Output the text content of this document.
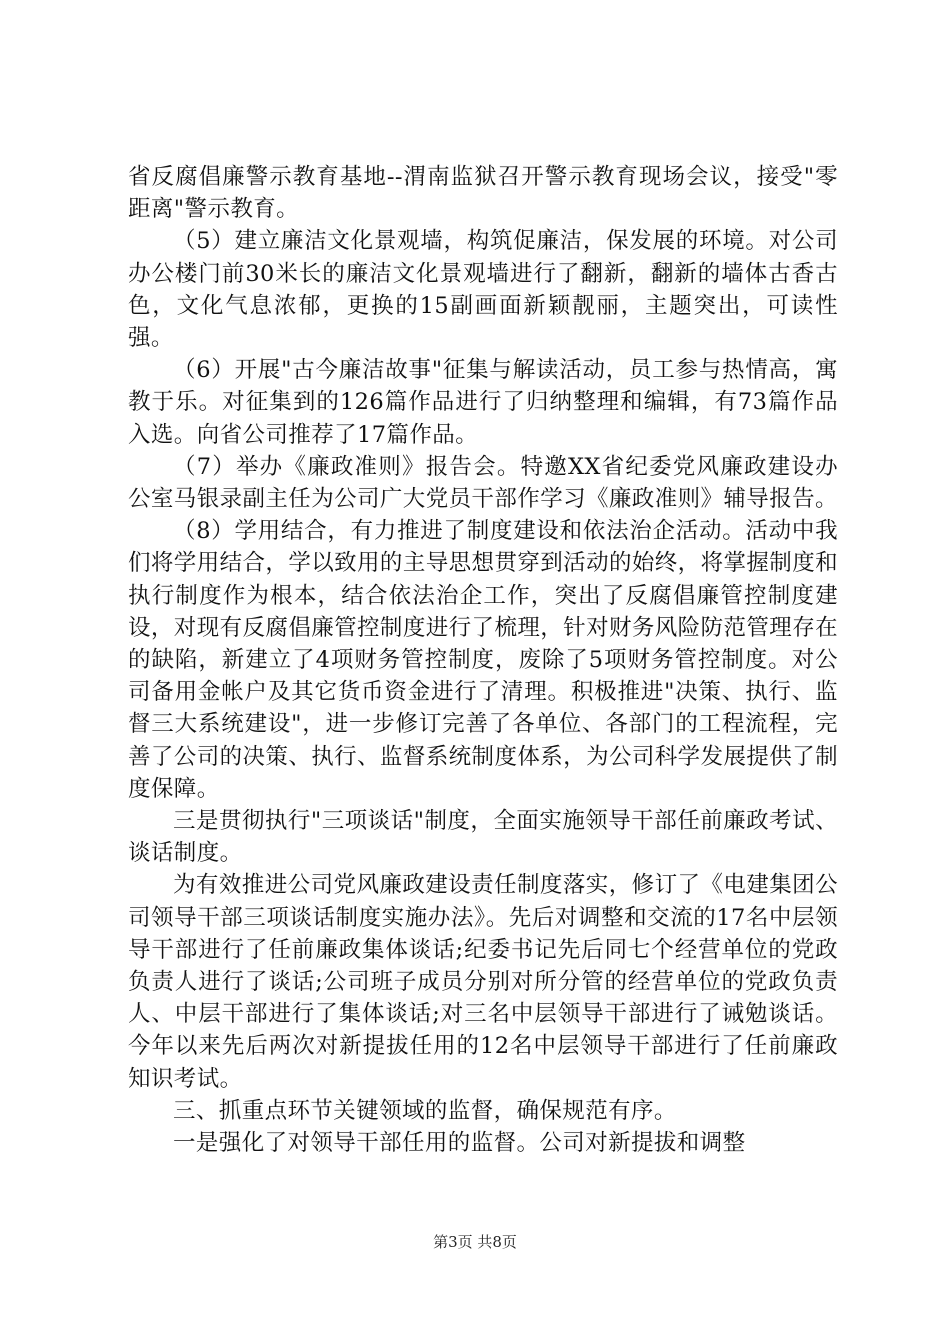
省反腐倡廉警示教育基地--渭南监狱召开警示教育现场会议，接受"零距离"警示教育。

（5）建立廉洁文化景观墙，构筑促廉洁，保发展的环境。对公司办公楼门前30米长的廉洁文化景观墙进行了翻新，翻新的墙体古香古色，文化气息浓郁，更换的15副画面新颖靓丽，主题突出，可读性强。

（6）开展"古今廉洁故事"征集与解读活动，员工参与热情高，寓教于乐。对征集到的126篇作品进行了归纳整理和编辑，有73篇作品入选。向省公司推荐了17篇作品。

（7）举办《廉政准则》报告会。特邀XX省纪委党风廉政建设办公室马银录副主任为公司广大党员干部作学习《廉政准则》辅导报告。

（8）学用结合，有力推进了制度建设和依法治企活动。活动中我们将学用结合，学以致用的主导思想贯穿到活动的始终，将掌握制度和执行制度作为根本，结合依法治企工作，突出了反腐倡廉管控制度建设，对现有反腐倡廉管控制度进行了梳理，针对财务风险防范管理存在的缺陷，新建立了4项财务管控制度，废除了5项财务管控制度。对公司备用金帐户及其它货币资金进行了清理。积极推进"决策、执行、监督三大系统建设"，进一步修订完善了各单位、各部门的工程流程，完善了公司的决策、执行、监督系统制度体系，为公司科学发展提供了制度保障。

三是贯彻执行"三项谈话"制度，全面实施领导干部任前廉政考试、谈话制度。

为有效推进公司党风廉政建设责任制度落实，修订了《电建集团公司领导干部三项谈话制度实施办法》。先后对调整和交流的17名中层领导干部进行了任前廉政集体谈话;纪委书记先后同七个经营单位的党政负责人进行了谈话;公司班子成员分别对所分管的经营单位的党政负责人、中层干部进行了集体谈话;对三名中层领导干部进行了诫勉谈话。今年以来先后两次对新提拔任用的12名中层领导干部进行了任前廉政知识考试。

三、抓重点环节关键领域的监督，确保规范有序。

一是强化了对领导干部任用的监督。公司对新提拔和调整

第3页 共8页
